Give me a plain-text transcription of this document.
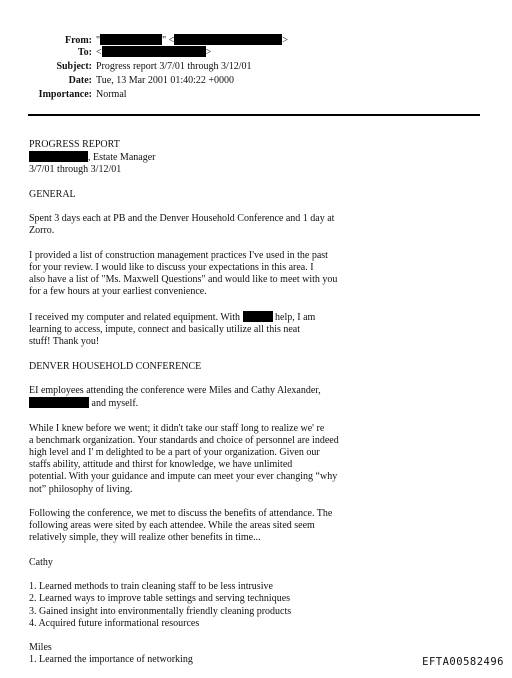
From: "	" <	>
To: <	>
Subject: Progress report 3/7/01 through 3/12/01
Date: Tue, 13 Mar 2001 01:40:22 +0000
Importance: Normal

PROGRESS REPORT

, Estate Manager

3/7/01 through 3/12/01

GENERAL

Spent 3 days each at PB and the Denver Household Conference and 1 day at

Zorro.

I provided a list of construction management practices I've used in the past

for your review. I would like to discuss your expectations in this area. I

also have a list of "Ms. Maxwell Questions" and would like to meet with you

for a few hours at your earliest convenience.

I received my computer and related equipment. With	help, I am

learning to access, impute, connect and basically utilize all this neat

stuff! Thank you!

DENVER HOUSEHOLD CONFERENCE

EI employees attending the conference were Miles and Cathy Alexander,

and myself.

While I knew before we went; it didn't take our staff long to realize we' re

a benchmark organization. Your standards and choice of personnel are indeed

high level and I' m delighted to be a part of your organization. Given our

staffs ability, attitude and thirst for knowledge, we have unlimited

potential. With your guidance and impute can meet your ever changing “why

not” philosophy of living.

Following the conference, we met to discuss the benefits of attendance. The

following areas were sited by each attendee. While the areas sited seem

relatively simple, they will realize other benefits in time...

Cathy

1. Learned methods to train cleaning staff to be less intrusive

2. Learned ways to improve table settings and serving techniques

3. Gained insight into environmentally friendly cleaning products

4. Acquired future informational resources

Miles

1. Learned the importance of networking	EFTA00582496
